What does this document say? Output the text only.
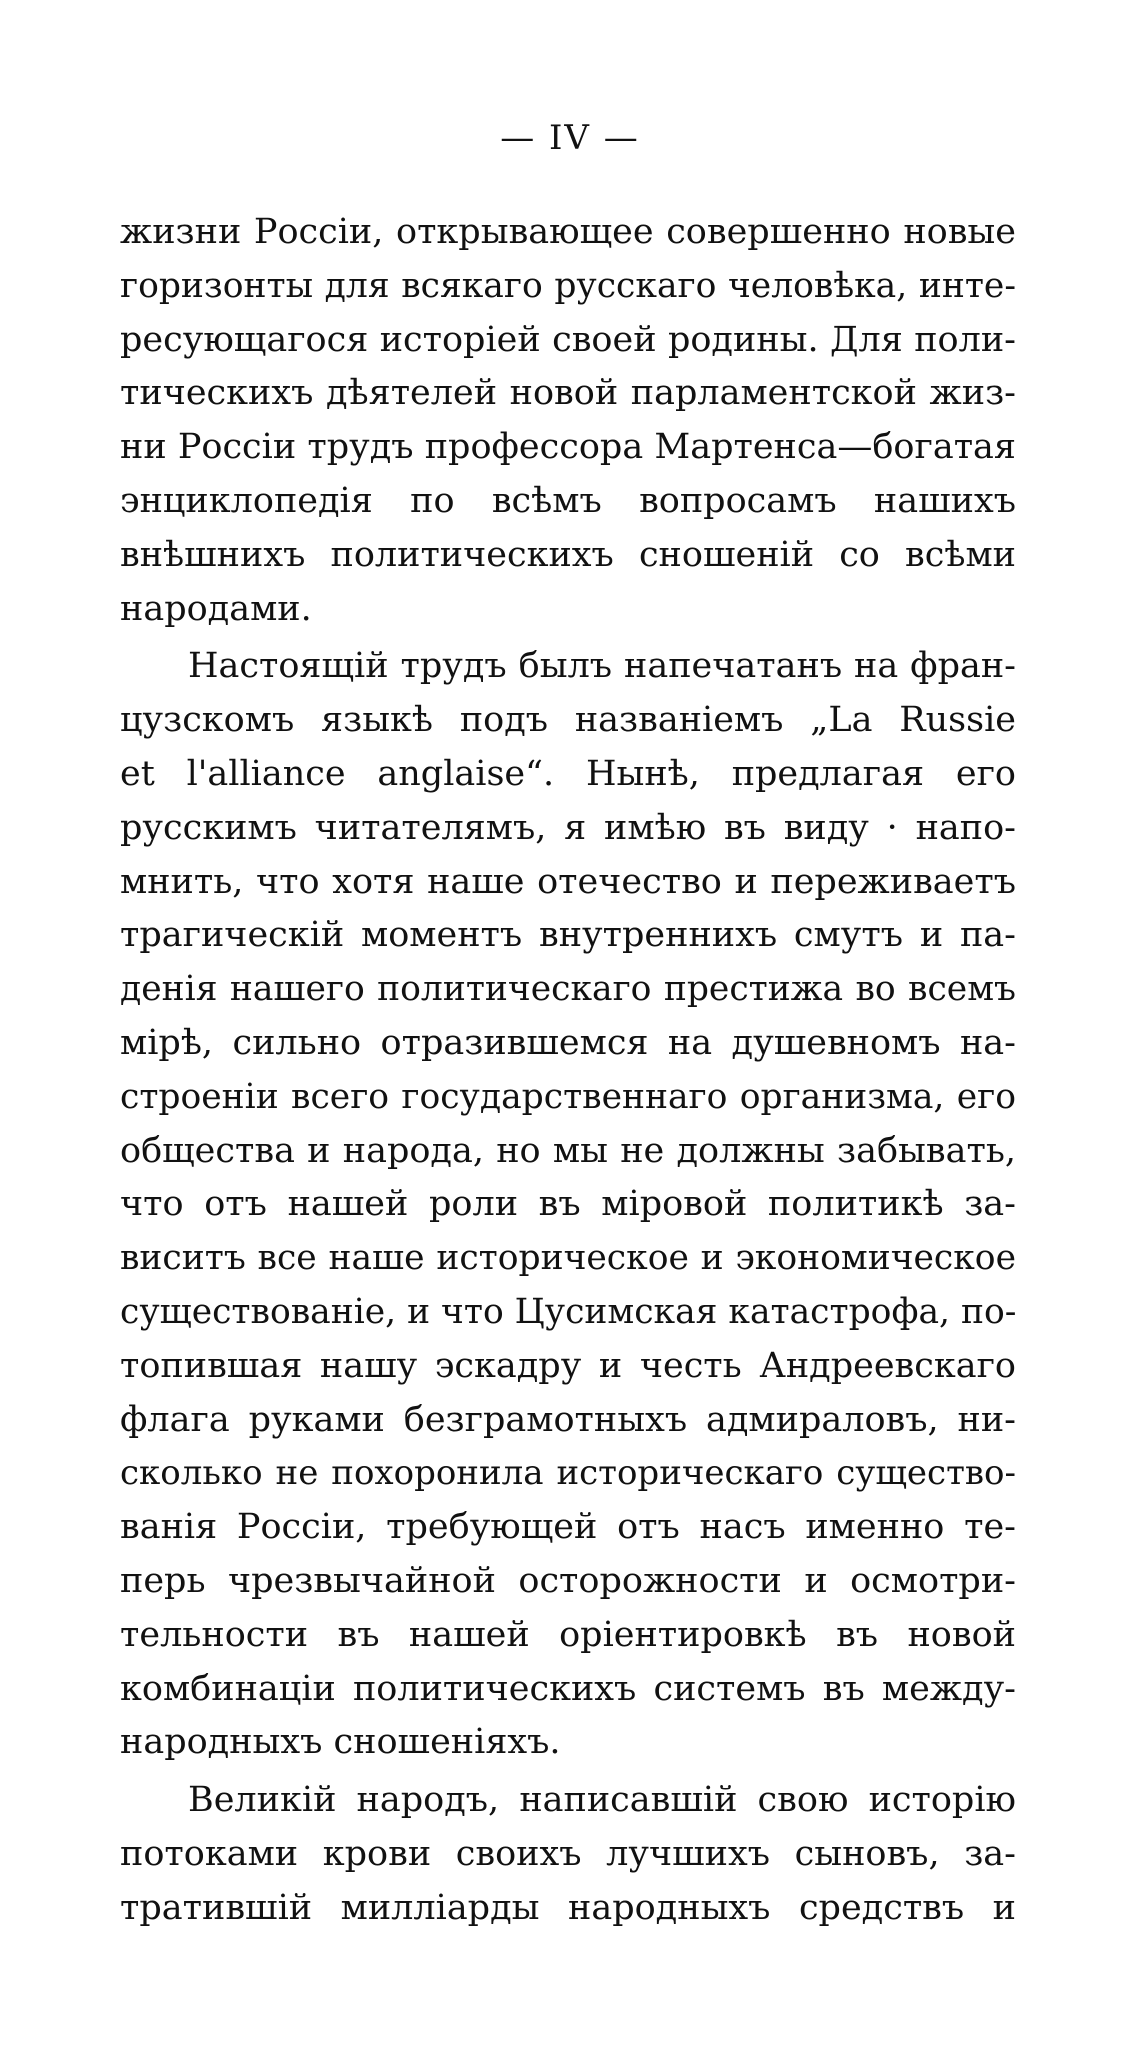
— IV —
жизни Россіи, открывающее совершенно новые
горизонты для всякаго русскаго человѣка, инте-
ресующагося исторіей своей родины. Для поли-
тическихъ дѣятелей новой парламентской жиз-
ни Россіи трудъ профессора Мартенса—богатая
энциклопедія по всѣмъ вопросамъ нашихъ
внѣшнихъ политическихъ сношеній со всѣми
народами.
Настоящій трудъ былъ напечатанъ на фран-
цузскомъ языкѣ подъ названіемъ „La Russie
et l'alliance anglaise“. Нынѣ, предлагая его
русскимъ читателямъ, я имѣю въ виду · напо-
мнить, что хотя наше отечество и переживаетъ
трагическій моментъ внутреннихъ смутъ и па-
денія нашего политическаго престижа во всемъ
мірѣ, сильно отразившемся на душевномъ на-
строеніи всего государственнаго организма, его
общества и народа, но мы не должны забывать,
что отъ нашей роли въ міровой политикѣ за-
виситъ все наше историческое и экономическое
существованіе, и что Цусимская катастрофа, по-
топившая нашу эскадру и честь Андреевскаго
флага руками безграмотныхъ адмираловъ, ни-
сколько не похоронила историческаго существо-
ванія Россіи, требующей отъ насъ именно те-
перь чрезвычайной осторожности и осмотри-
тельности въ нашей оріентировкѣ въ новой
комбинаціи политическихъ системъ въ между-
народныхъ сношеніяхъ.
Великій народъ, написавшій свою исторію
потоками крови своихъ лучшихъ сыновъ, за-
тратившій милліарды народныхъ средствъ и
